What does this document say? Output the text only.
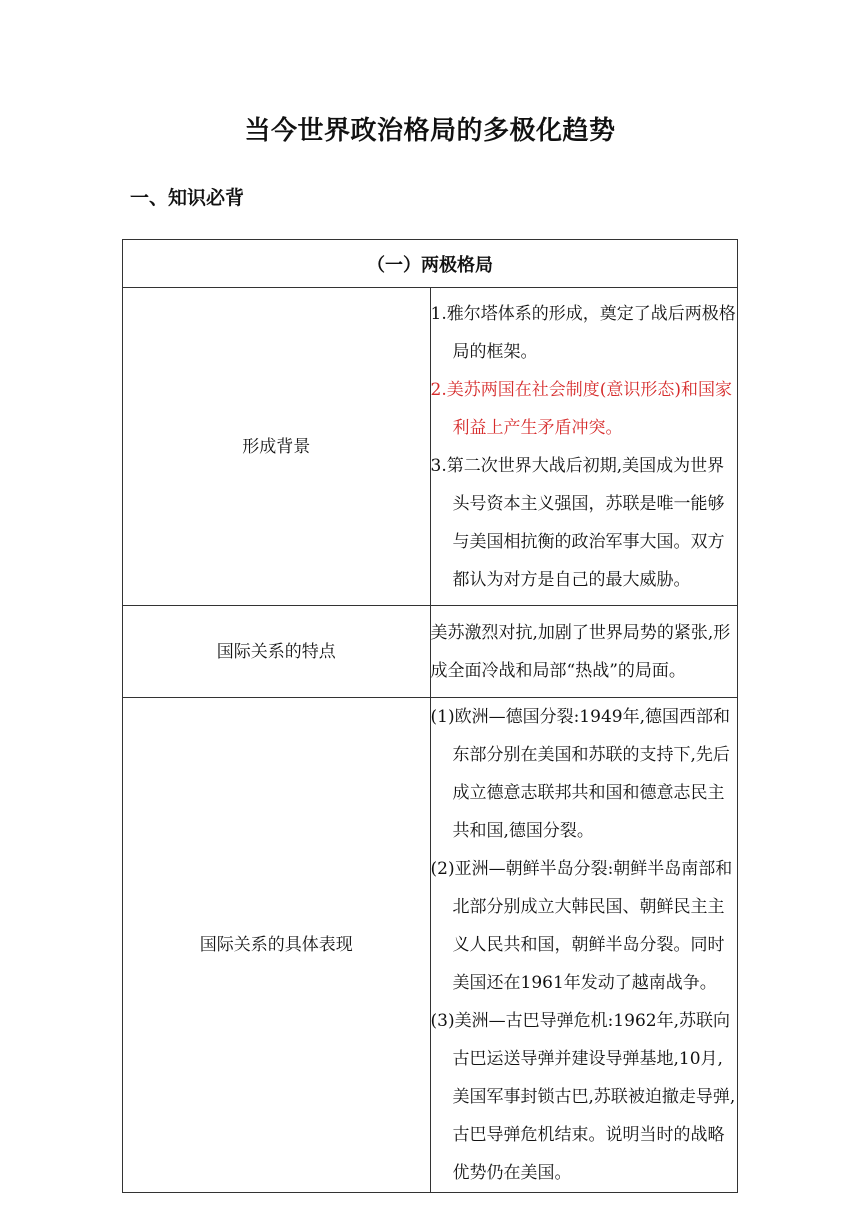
当今世界政治格局的多极化趋势
一、知识必背
（一）两极格局	
形成背景	1.雅尔塔体系的形成，奠定了战后两极格局的框架。

2.美苏两国在社会制度(意识形态)和国家利益上产生矛盾冲突。

3.第二次世界大战后初期,美国成为世界头号资本主义强国，苏联是唯一能够与美国相抗衡的政治军事大国。双方都认为对方是自己的最大威胁。

国际关系的特点	美苏激烈对抗,加剧了世界局势的紧张,形成全面冷战和局部“热战”的局面。

国际关系的具体表现	(1)欧洲—德国分裂:1949年,德国西部和东部分别在美国和苏联的支持下,先后成立德意志联邦共和国和德意志民主共和国,德国分裂。

(2)亚洲—朝鲜半岛分裂:朝鲜半岛南部和北部分别成立大韩民国、朝鲜民主主义人民共和国，朝鲜半岛分裂。同时美国还在1961年发动了越南战争。

(3)美洲—古巴导弹危机:1962年,苏联向古巴运送导弹并建设导弹基地,10月,美国军事封锁古巴,苏联被迫撤走导弹,古巴导弹危机结束。说明当时的战略优势仍在美国。
